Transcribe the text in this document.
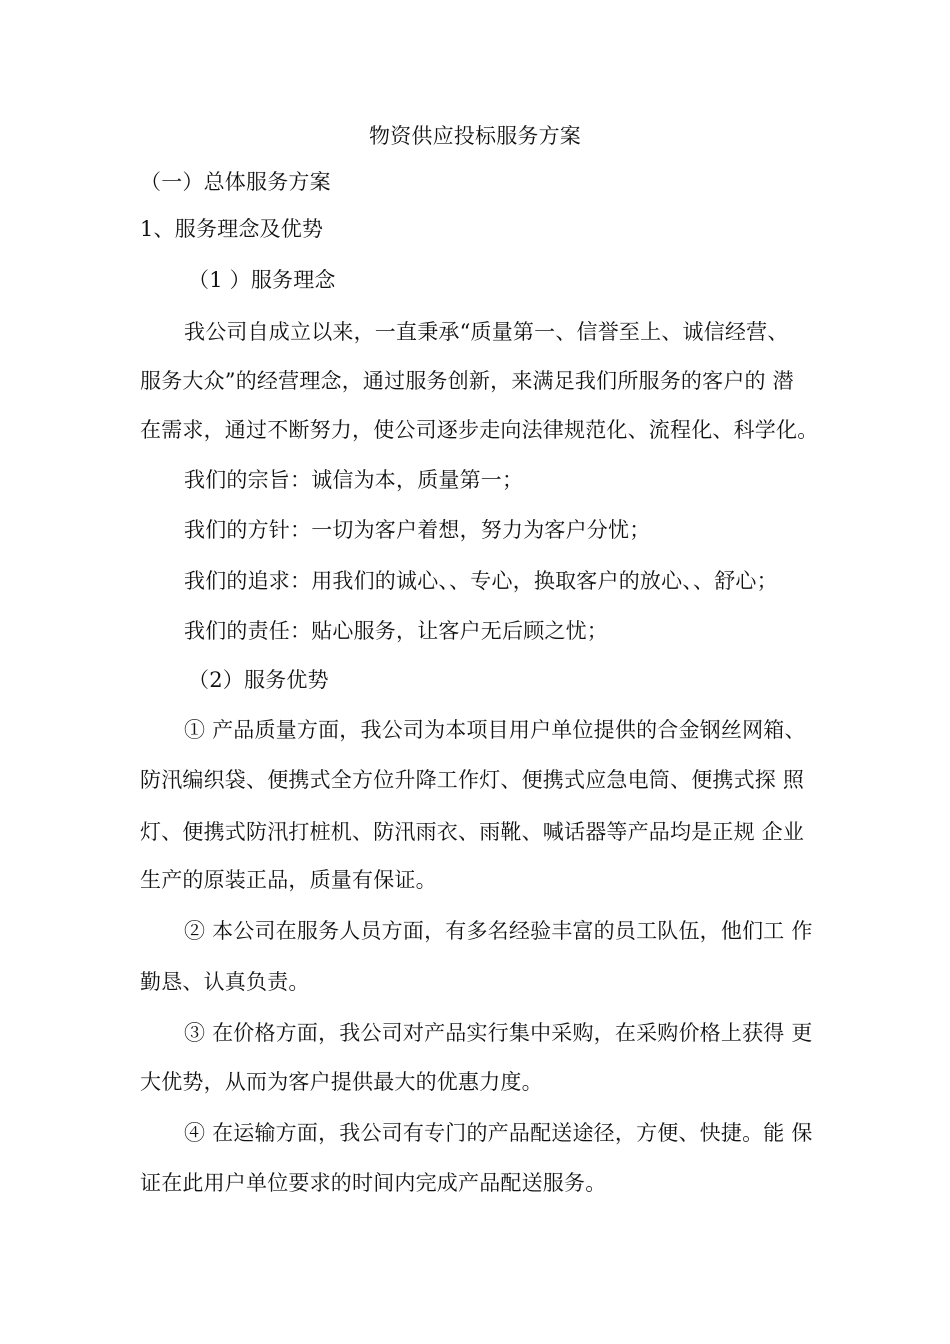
物资供应投标服务方案
（一）总体服务方案
1、服务理念及优势
（1 ）服务理念
我公司自成立以来，一直秉承“质量第一、信誉至上、诚信经营、
服务大众”的经营理念，通过服务创新，来满足我们所服务的客户的 潜
在需求，通过不断努力，使公司逐步走向法律规范化、流程化、科学化。
我们的宗旨：诚信为本，质量第一；
我们的方针：一切为客户着想，努力为客户分忧；
我们的追求：用我们的诚心、、专心，换取客户的放心、、舒心；
我们的责任：贴心服务，让客户无后顾之忧；
（2）服务优势
① 产品质量方面，我公司为本项目用户单位提供的合金钢丝网箱、
防汛编织袋、便携式全方位升降工作灯、便携式应急电筒、便携式探 照
灯、便携式防汛打桩机、防汛雨衣、雨靴、喊话器等产品均是正规 企业
生产的原装正品，质量有保证。
② 本公司在服务人员方面，有多名经验丰富的员工队伍，他们工 作
勤恳、认真负责。
③ 在价格方面，我公司对产品实行集中采购，在采购价格上获得 更
大优势，从而为客户提供最大的优惠力度。
④ 在运输方面，我公司有专门的产品配送途径，方便、快捷。能 保
证在此用户单位要求的时间内完成产品配送服务。
